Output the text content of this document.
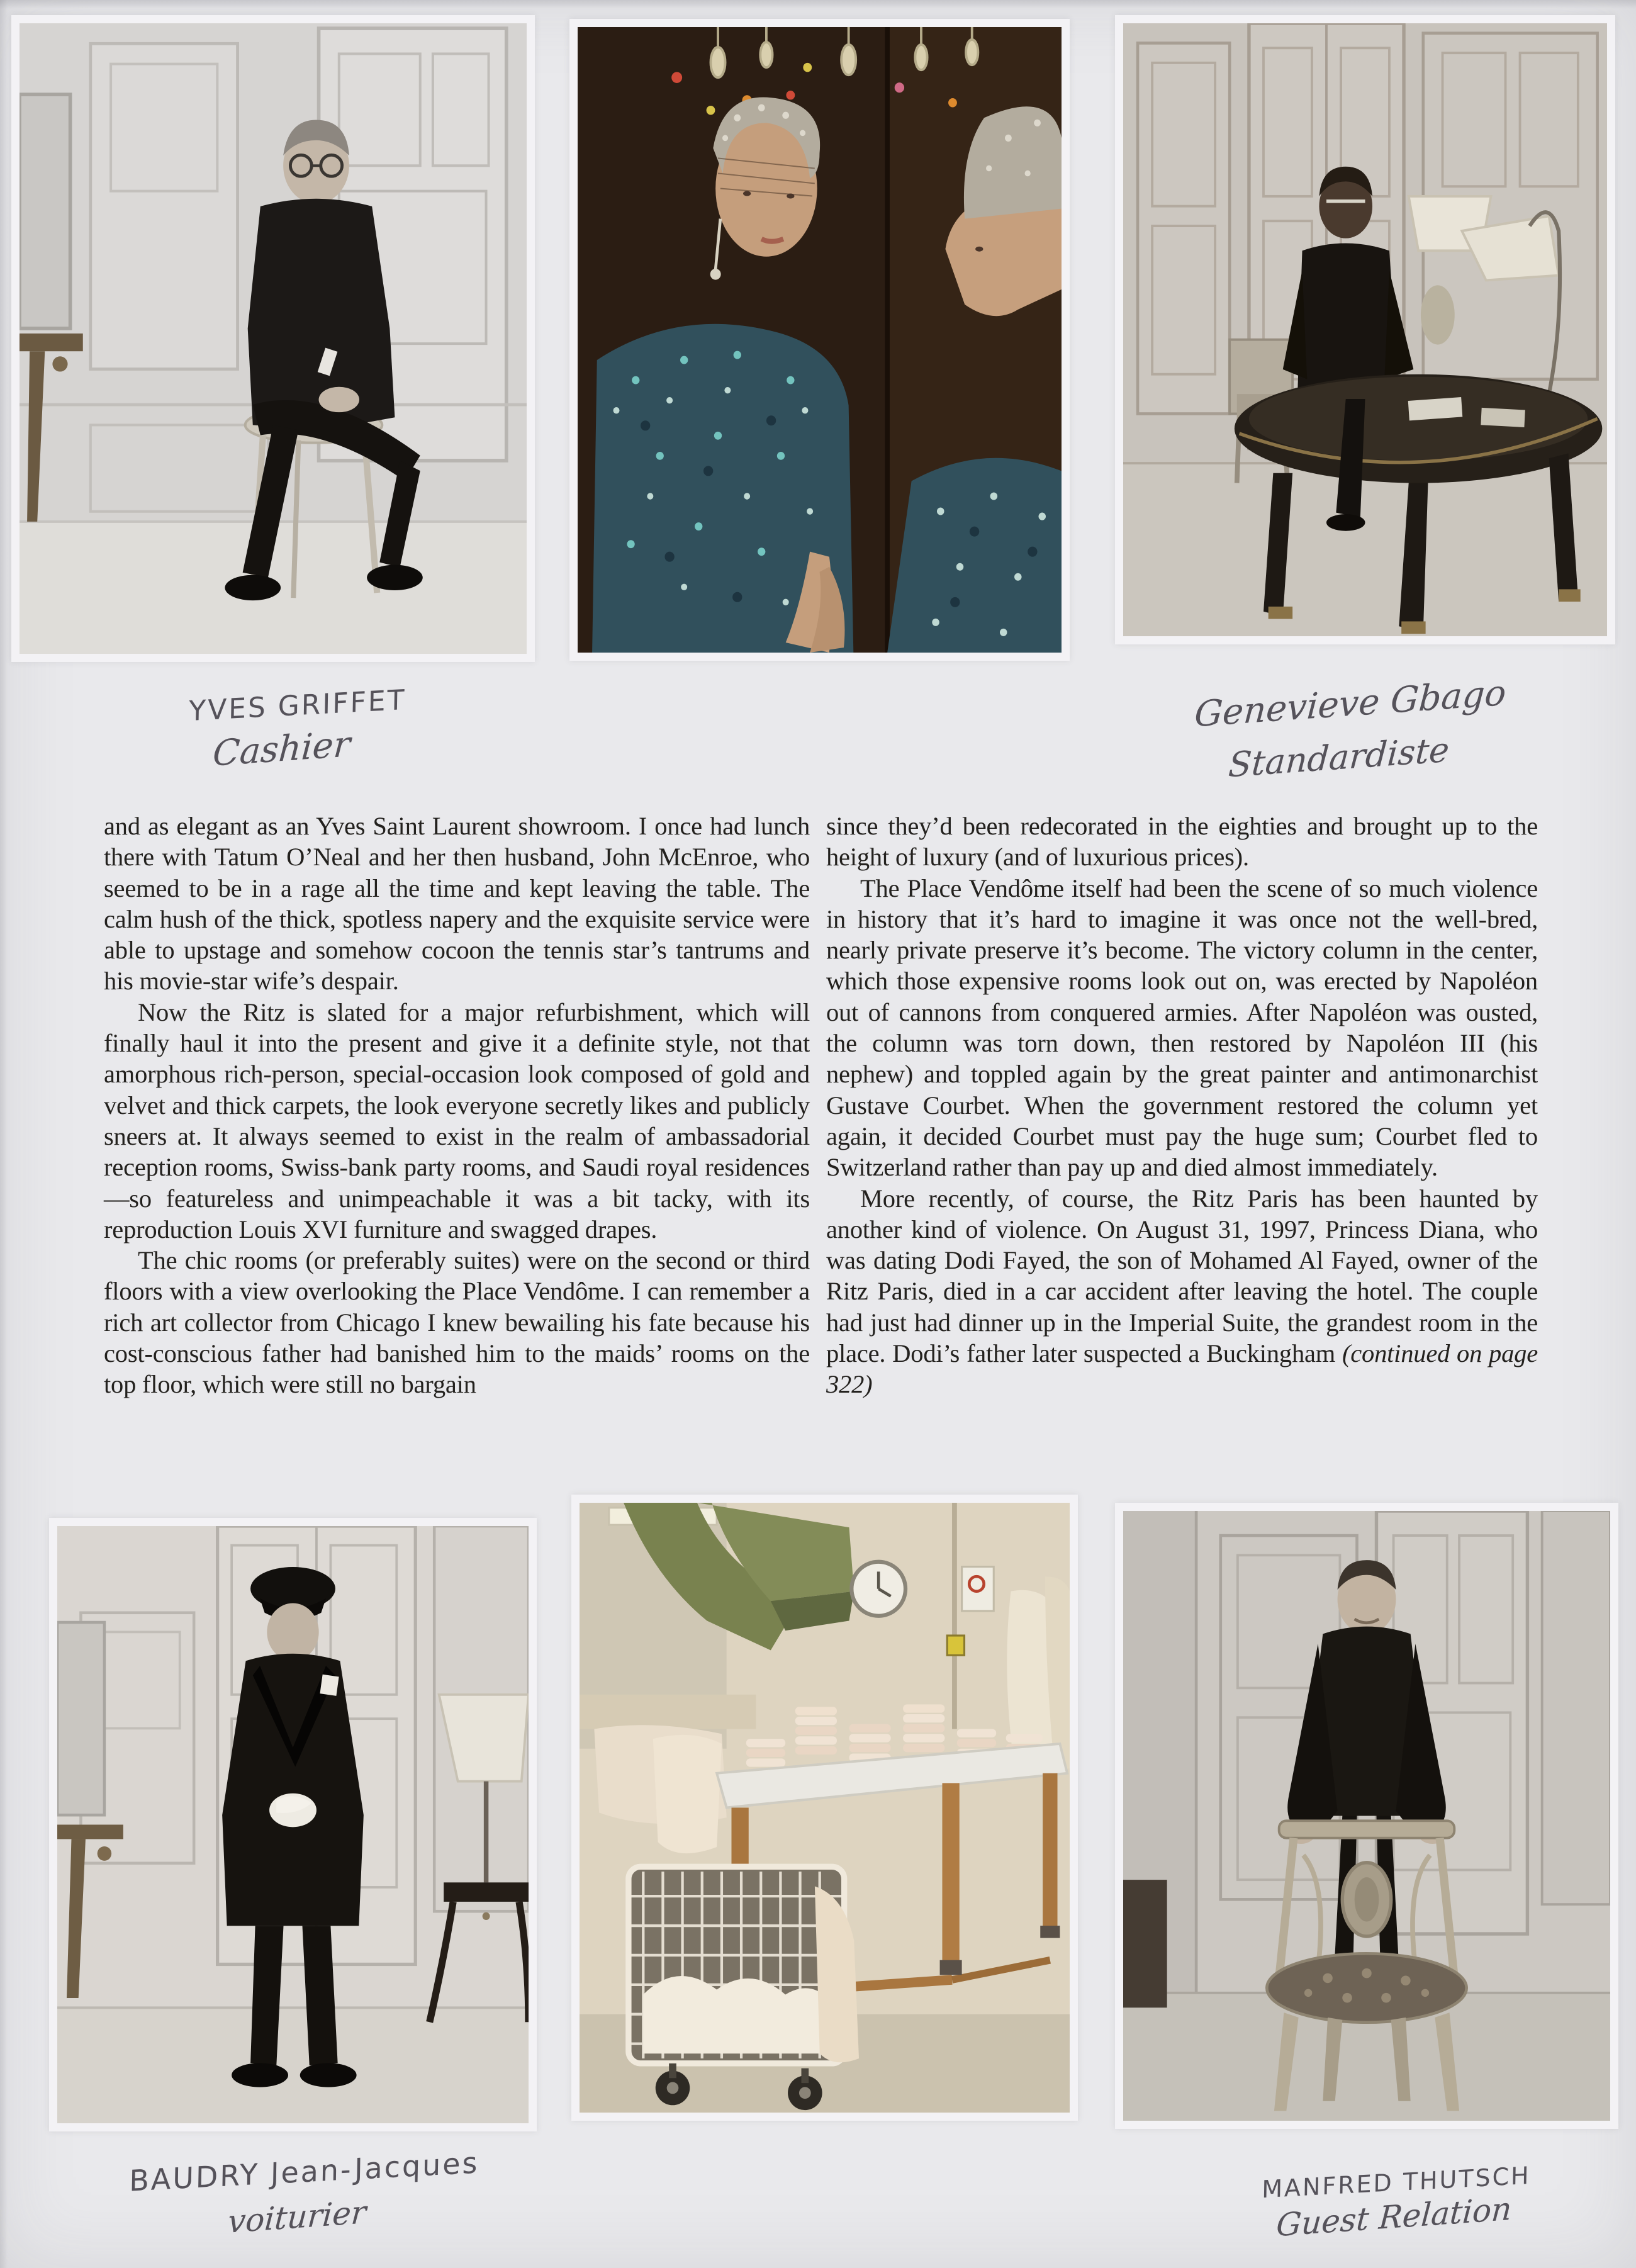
YVES GRIFFET
Cashier
Genevieve Gbago
Standardiste

and as elegant as an Yves Saint Laurent showroom. I once had lunch there with Tatum O’Neal and her then husband, John McEnroe, who seemed to be in a rage all the time and kept leaving the table. The calm hush of the thick, spotless napery and the exquisite service were able to upstage and somehow cocoon the tennis star’s tantrums and his movie-star wife’s despair.

Now the Ritz is slated for a major refurbishment, which will finally haul it into the present and give it a definite style, not that amorphous rich-person, special-occasion look composed of gold and velvet and thick carpets, the look everyone secretly likes and publicly sneers at. It always seemed to exist in the realm of ambassadorial reception rooms, Swiss-bank party rooms, and Saudi royal residences—so featureless and unimpeachable it was a bit tacky, with its reproduction Louis XVI furniture and swagged drapes.

The chic rooms (or preferably suites) were on the second or third floors with a view overlooking the Place Vendôme. I can remember a rich art collector from Chicago I knew bewailing his fate because his cost-conscious father had banished him to the maids’ rooms on the top floor, which were still no bargain

since they’d been redecorated in the eighties and brought up to the height of luxury (and of luxurious prices).

The Place Vendôme itself had been the scene of so much violence in history that it’s hard to imagine it was once not the well-bred, nearly private preserve it’s become. The victory column in the center, which those expensive rooms look out on, was erected by Napoléon out of cannons from conquered armies. After Napoléon was ousted, the column was torn down, then restored by Napoléon III (his nephew) and toppled again by the great painter and antimonarchist Gustave Courbet. When the government restored the column yet again, it decided Courbet must pay the huge sum; Courbet fled to Switzerland rather than pay up and died almost immediately.

More recently, of course, the Ritz Paris has been haunted by another kind of violence. On August 31, 1997, Princess Diana, who was dating Dodi Fayed, the son of Mohamed Al Fayed, owner of the Ritz Paris, died in a car accident after leaving the hotel. The couple had just had dinner up in the Imperial Suite, the grandest room in the place. Dodi’s father later suspected a Buckingham (continued on page 322)

BAUDRY Jean-Jacques
voiturier
MANFRED THUTSCH
Guest Relation
